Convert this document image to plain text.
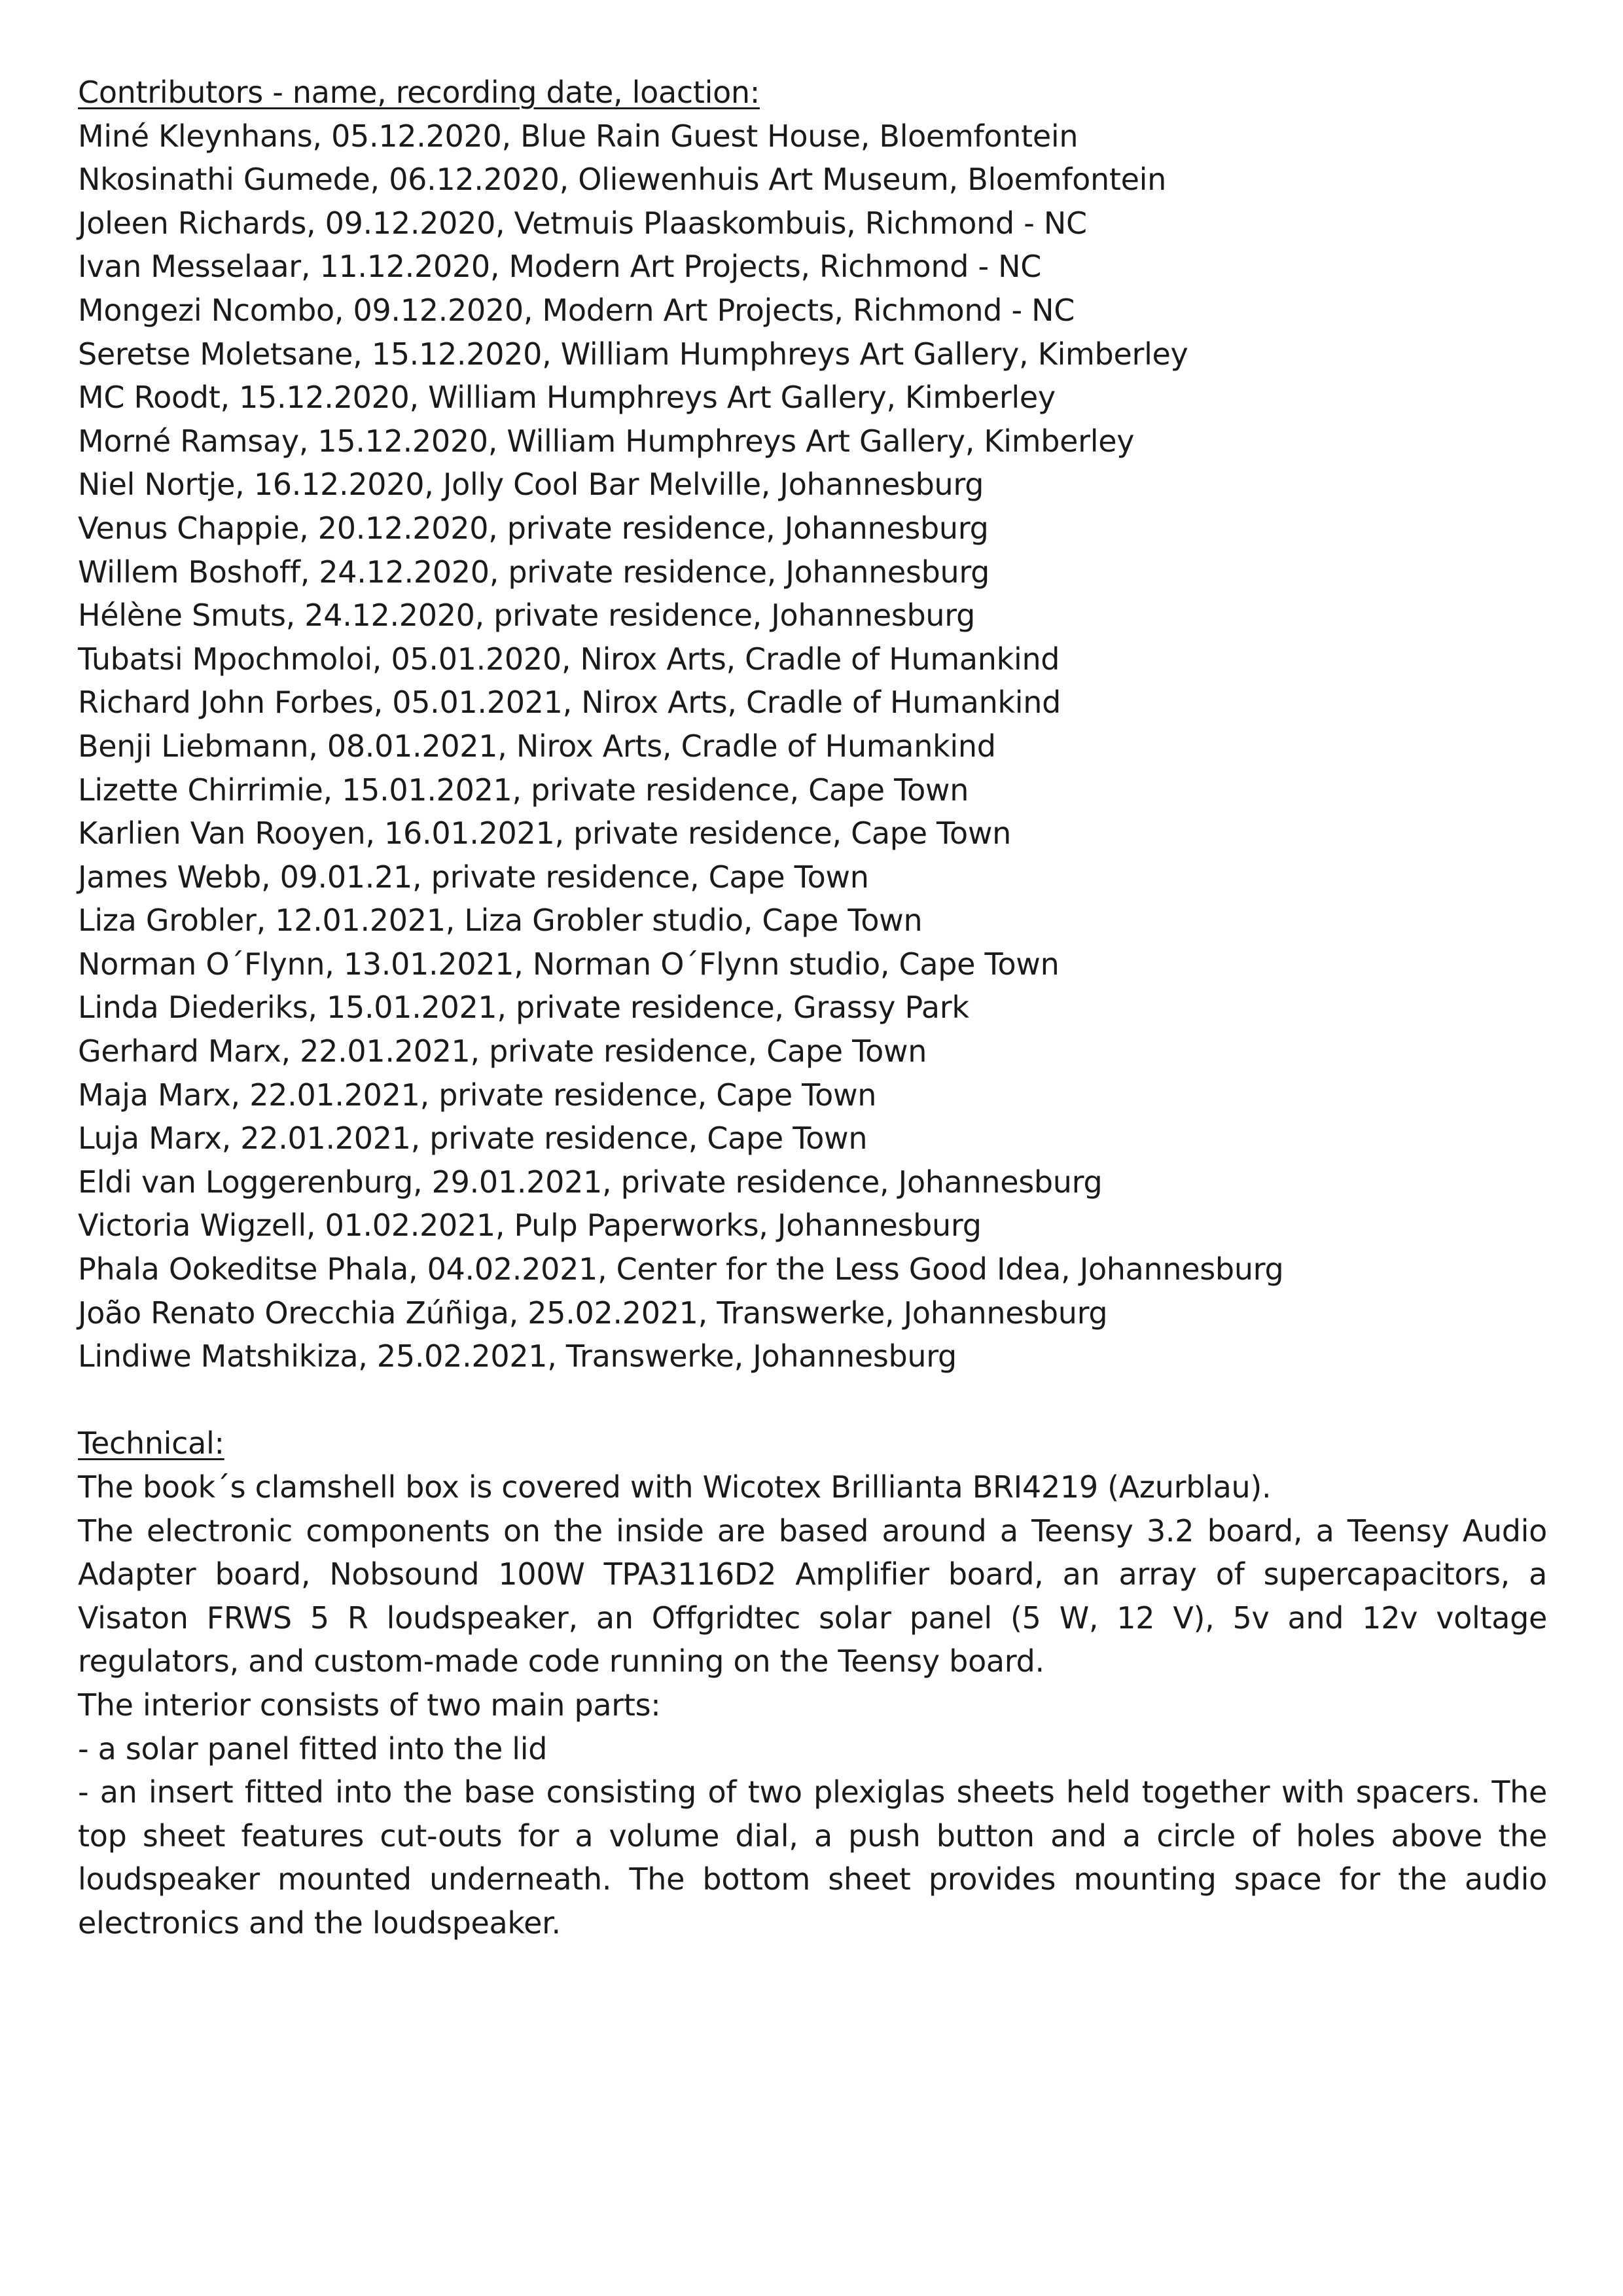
Contributors - name, recording date, loaction:
Miné Kleynhans, 05.12.2020, Blue Rain Guest House, Bloemfontein
Nkosinathi Gumede, 06.12.2020, Oliewenhuis Art Museum, Bloemfontein
Joleen Richards, 09.12.2020, Vetmuis Plaaskombuis, Richmond - NC
Ivan Messelaar, 11.12.2020, Modern Art Projects, Richmond - NC
Mongezi Ncombo, 09.12.2020, Modern Art Projects, Richmond - NC
Seretse Moletsane, 15.12.2020, William Humphreys Art Gallery, Kimberley
MC Roodt, 15.12.2020, William Humphreys Art Gallery, Kimberley
Morné Ramsay, 15.12.2020, William Humphreys Art Gallery, Kimberley
Niel Nortje, 16.12.2020, Jolly Cool Bar Melville, Johannesburg
Venus Chappie, 20.12.2020, private residence, Johannesburg
Willem Boshoff, 24.12.2020, private residence, Johannesburg
Hélène Smuts, 24.12.2020, private residence, Johannesburg
Tubatsi Mpochmoloi, 05.01.2020, Nirox Arts, Cradle of Humankind
Richard John Forbes, 05.01.2021, Nirox Arts, Cradle of Humankind
Benji Liebmann, 08.01.2021, Nirox Arts, Cradle of Humankind
Lizette Chirrimie, 15.01.2021, private residence, Cape Town
Karlien Van Rooyen, 16.01.2021, private residence, Cape Town
James Webb, 09.01.21, private residence, Cape Town
Liza Grobler, 12.01.2021, Liza Grobler studio, Cape Town
Norman O´Flynn, 13.01.2021, Norman O´Flynn studio, Cape Town
Linda Diederiks, 15.01.2021, private residence, Grassy Park
Gerhard Marx, 22.01.2021, private residence, Cape Town
Maja Marx, 22.01.2021, private residence, Cape Town
Luja Marx, 22.01.2021, private residence, Cape Town
Eldi van Loggerenburg, 29.01.2021, private residence, Johannesburg
Victoria Wigzell, 01.02.2021, Pulp Paperworks, Johannesburg
Phala Ookeditse Phala, 04.02.2021, Center for the Less Good Idea, Johannesburg
João Renato Orecchia Zúñiga, 25.02.2021, Transwerke, Johannesburg
Lindiwe Matshikiza, 25.02.2021, Transwerke, Johannesburg
Technical:
The book´s clamshell box is covered with Wicotex Brillianta BRI4219 (Azurblau).
The electronic components on the inside are based around a Teensy 3.2 board, a Teensy Audio Adapter board, Nobsound 100W TPA3116D2 Amplifier board, an array of supercapacitors, a Visaton FRWS 5 R loudspeaker, an Offgridtec solar panel (5 W, 12 V), 5v and 12v voltage regulators, and custom-made code running on the Teensy board.
The interior consists of two main parts:
- a solar panel fitted into the lid
- an insert fitted into the base consisting of two plexiglas sheets held together with spacers. The top sheet features cut-outs for a volume dial, a push button and a circle of holes above the loudspeaker mounted underneath. The bottom sheet provides mounting space for the audio electronics and the loudspeaker.
